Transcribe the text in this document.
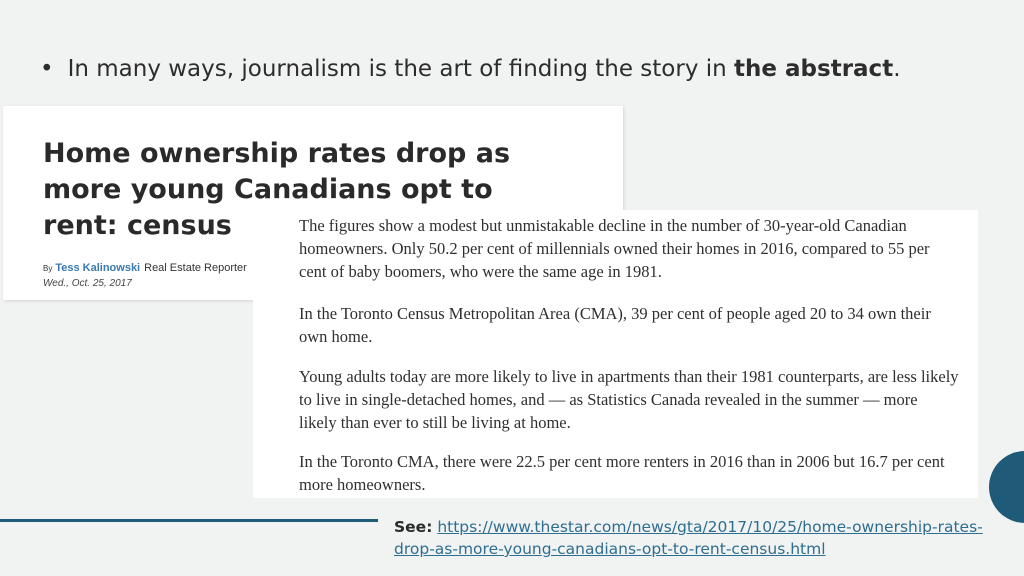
• In many ways, journalism is the art of finding the story in the abstract.
Home ownership rates drop as more young Canadians opt to rent: census
By Tess Kalinowski Real Estate Reporter
Wed., Oct. 25, 2017

The figures show a modest but unmistakable decline in the number of 30-year-old Canadian homeowners. Only 50.2 per cent of millennials owned their homes in 2016, compared to 55 per cent of baby boomers, who were the same age in 1981.

In the Toronto Census Metropolitan Area (CMA), 39 per cent of people aged 20 to 34 own their own home.

Young adults today are more likely to live in apartments than their 1981 counterparts, are less likely to live in single-detached homes, and — as Statistics Canada revealed in the summer — more likely than ever to still be living at home.

In the Toronto CMA, there were 22.5 per cent more renters in 2016 than in 2006 but 16.7 per cent more homeowners.

See: https://www.thestar.com/news/gta/2017/10/25/home-ownership-rates-drop-as-more-young-canadians-opt-to-rent-census.html
